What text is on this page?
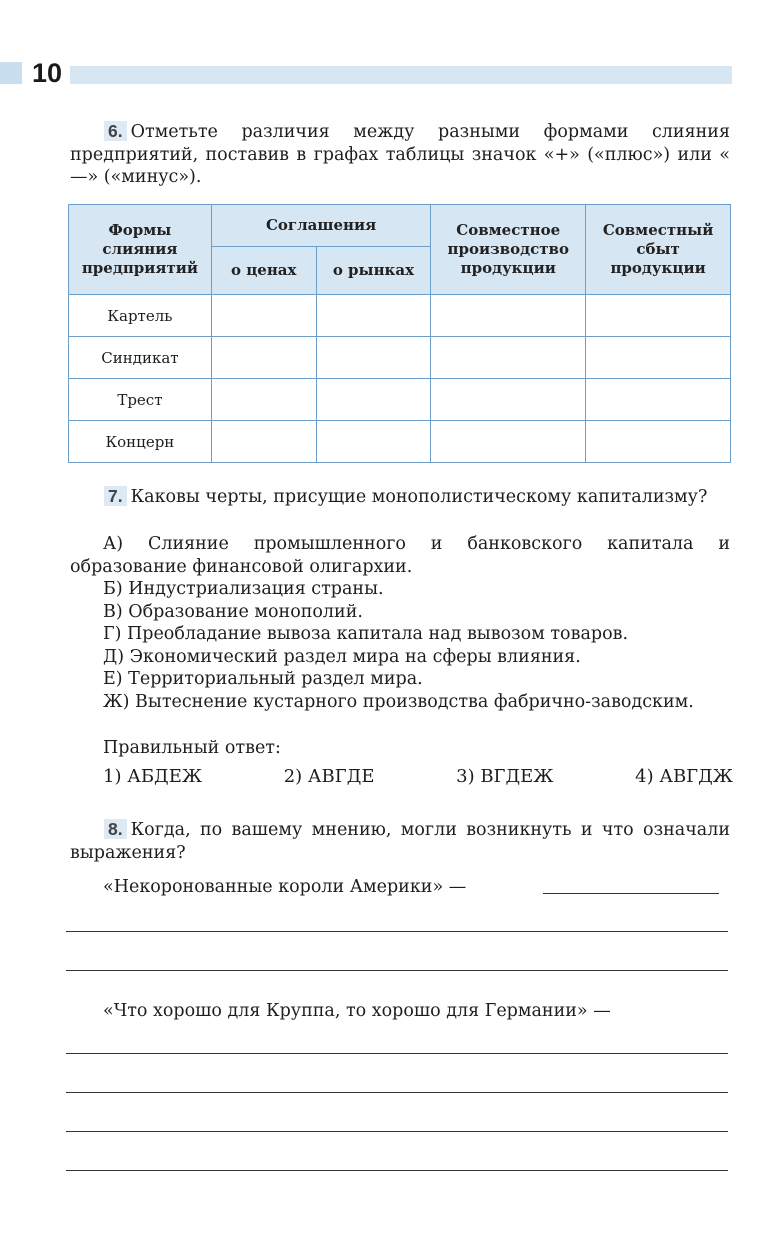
10
6. Отметьте различия между разными формами слияния предприятий, поставив в графах таблицы значок «+» («плюс») или « —» («минус»).
Формы слияния предприятий	Соглашения		Совместное производство продукции	Совместный сбыт продукции
	о ценах	о рынках		
Картель				
Синдикат				
Трест				
Концерн				
7. Каковы черты, присущие монополистическому капитализму?
А) Слияние промышленного и банковского капитала и образование финансовой олигархии.
Б) Индустриализация страны.
В) Образование монополий.
Г) Преобладание вывоза капитала над вывозом товаров.
Д) Экономический раздел мира на сферы влияния.
Е) Территориальный раздел мира.
Ж) Вытеснение кустарного производства фабрично-заводским.
Правильный ответ:
1) АБДЕЖ	2) АВГДЕ	3) ВГДЕЖ	4) АВГДЖ
8. Когда, по вашему мнению, могли возникнуть и что означали выражения?
«Некоронованные короли Америки» —
«Что хорошо для Круппа, то хорошо для Германии» —
